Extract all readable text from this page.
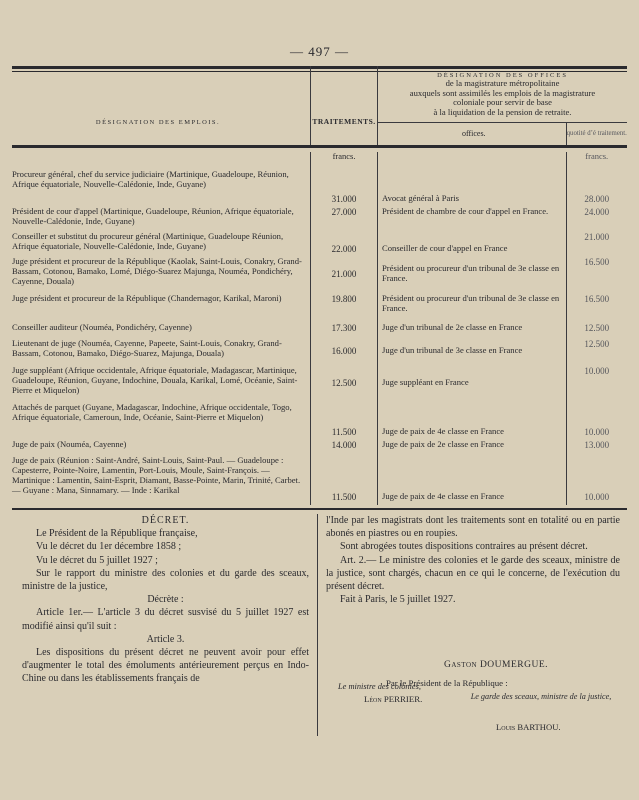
— 497 —
DÉSIGNATION DES EMPLOIS.	TRAITEMENTS.	DÉSIGNATION DES OFFICES
de la magistrature métropolitaine
auxquels sont assimilés les emplois de la magistrature
coloniale pour servir de base
à la liquidation de la pension de retraite.	

		offices.	quotité d’é traitement.

	francs.		francs.

Procureur général, chef du service judiciaire (Martinique, Guadeloupe, Réunion, Afrique équatoriale, Nouvelle-Calédonie, Inde, Guyane)	31.000	Avocat général à Paris	28.000

Président de cour d'appel (Martinique, Guadeloupe, Réunion, Afrique équatoriale, Nouvelle-Calédonie, Inde, Guyane)	27.000	Président de chambre de cour d'appel en France.	24.000

Conseiller et substitut du procureur général (Martinique, Guadeloupe Réunion, Afrique équatoriale, Nouvelle-Calédonie, Inde, Guyane)	22.000	Conseiller de cour d'appel en France	21.000

Juge président et procureur de la République (Kaolak, Saint-Louis, Conakry, Grand-Bassam, Cotonou, Bamako, Lomé, Diégo-Suarez Majunga, Nouméa, Pondichéry, Cayenne, Douala)	21.000	Président ou procureur d'un tribunal de 3e classe en France.	16.500

Juge président et procureur de la République (Chandernagor, Karikal, Maroni)	19.800	Président ou procureur d'un tribunal de 3e classe en France.	16.500

Conseiller auditeur (Nouméa, Pondichéry, Cayenne)	17.300	Juge d'un tribunal de 2e classe en France	12.500

Lieutenant de juge (Nouméa, Cayenne, Papeete, Saint-Louis, Conakry, Grand-Bassam, Cotonou, Bamako, Diégo-Suarez, Majunga, Douala)	16.000	Juge d'un tribunal de 3e classe en France	12.500

Juge suppléant (Afrique occidentale, Afrique équatoriale, Madagascar, Martinique, Guadeloupe, Réunion, Guyane, Indochine, Douala, Karikal, Lomé, Océanie, Saint-Pierre et Miquelon)	12.500	Juge suppléant en France	10.000

Attachés de parquet (Guyane, Madagascar, Indochine, Afrique occidentale, Togo, Afrique équatoriale, Cameroun, Inde, Océanie, Saint-Pierre et Miquelon)	11.500	Juge de paix de 4e classe en France	10.000

Juge de paix (Nouméa, Cayenne)	14.000	Juge de paix de 2e classe en France	13.000

Juge de paix (Réunion : Saint-André, Saint-Louis, Saint-Paul. — Guadeloupe : Capesterre, Pointe-Noire, Lamentin, Port-Louis, Moule, Saint-François. — Martinique : Lamentin, Saint-Esprit, Diamant, Basse-Pointe, Marin, Trinité, Carbet. — Guyane : Mana, Sinnamary. — Inde : Karikal	11.500	Juge de paix de 4e classe en France	10.000

DÉCRET.

Le Président de la République française,

Vu le décret du 1er décembre 1858 ;

Vu le décret du 5 juillet 1927 ;

Sur le rapport du ministre des colonies et du garde des sceaux, ministre de la justice,

Décrète :

Article 1er.— L'article 3 du décret susvisé du 5 juillet 1927 est modifié ainsi qu'il suit :

Article 3.

Les dispositions du présent décret ne peuvent avoir pour effet d'augmenter le total des émoluments antérieurement perçus en Indo-Chine ou dans les établissements français de

l'Inde par les magistrats dont les traitements sont en totalité ou en partie abonés en piastres ou en roupies.

Sont abrogées toutes dispositions contraires au présent décret.

Art. 2.— Le ministre des colonies et le garde des sceaux, ministre de la justice, sont chargés, chacun en ce qui le concerne, de l'exécution du présent décret.

Fait à Paris, le 5 juillet 1927.

Gaston DOUMERGUE.
Par le Président de la République :
Le garde des sceaux, ministre de la justice,
Louis BARTHOU.
Le ministre des colonies,
Léon PERRIER.
